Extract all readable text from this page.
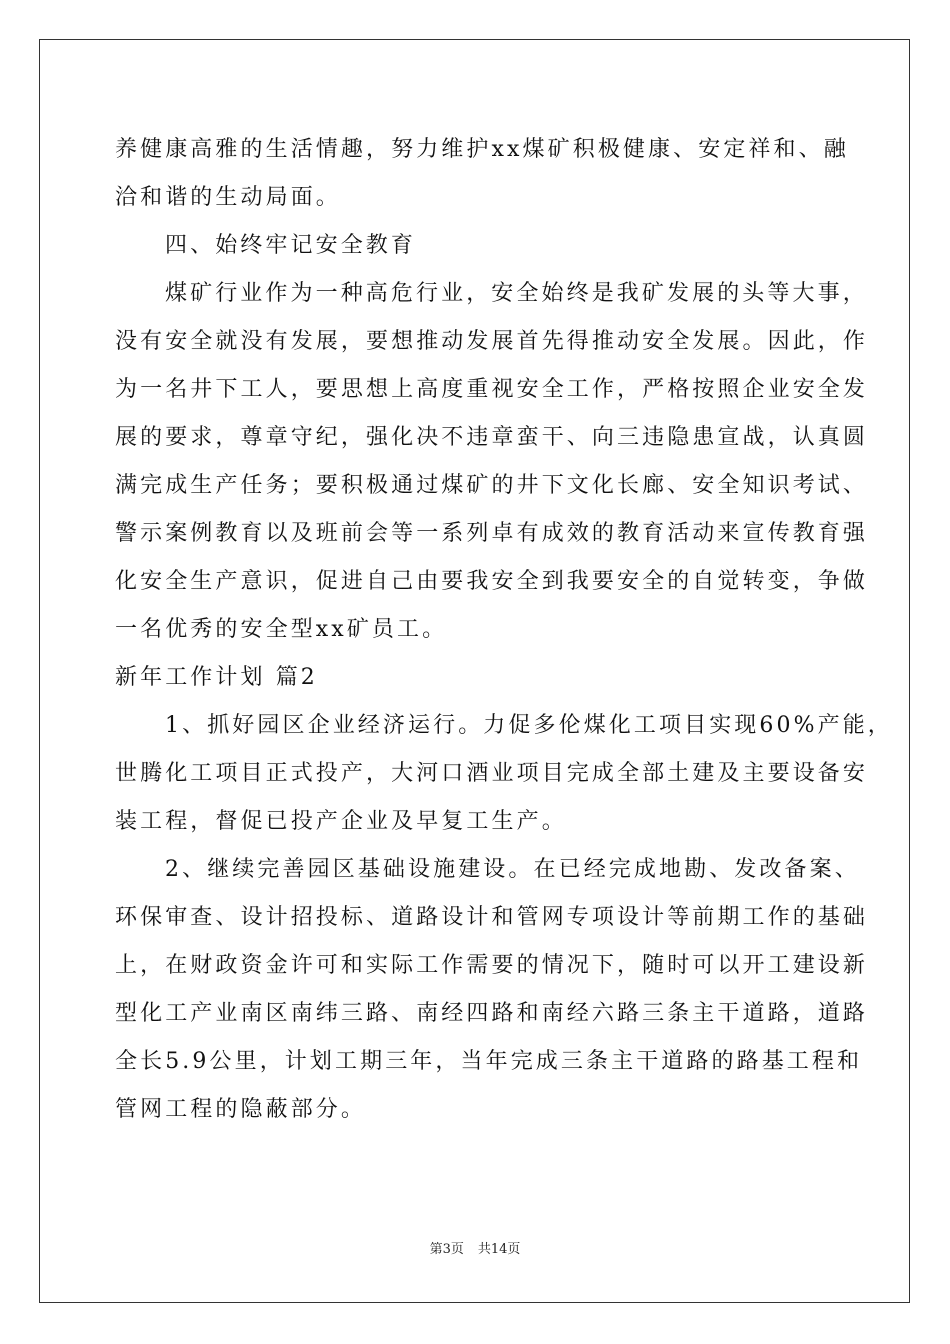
养健康高雅的生活情趣，努力维护xx煤矿积极健康、安定祥和、融
洽和谐的生动局面。
四、始终牢记安全教育
煤矿行业作为一种高危行业，安全始终是我矿发展的头等大事，
没有安全就没有发展，要想推动发展首先得推动安全发展。因此，作
为一名井下工人，要思想上高度重视安全工作，严格按照企业安全发
展的要求，尊章守纪，强化决不违章蛮干、向三违隐患宣战，认真圆
满完成生产任务；要积极通过煤矿的井下文化长廊、安全知识考试、
警示案例教育以及班前会等一系列卓有成效的教育活动来宣传教育强
化安全生产意识，促进自己由要我安全到我要安全的自觉转变，争做
一名优秀的安全型xx矿员工。
新年工作计划 篇2
1、抓好园区企业经济运行。力促多伦煤化工项目实现60%产能，
世腾化工项目正式投产，大河口酒业项目完成全部土建及主要设备安
装工程，督促已投产企业及早复工生产。
2、继续完善园区基础设施建设。在已经完成地勘、发改备案、
环保审查、设计招投标、道路设计和管网专项设计等前期工作的基础
上，在财政资金许可和实际工作需要的情况下，随时可以开工建设新
型化工产业南区南纬三路、南经四路和南经六路三条主干道路，道路
全长5.9公里，计划工期三年，当年完成三条主干道路的路基工程和
管网工程的隐蔽部分。
第3页 共14页
